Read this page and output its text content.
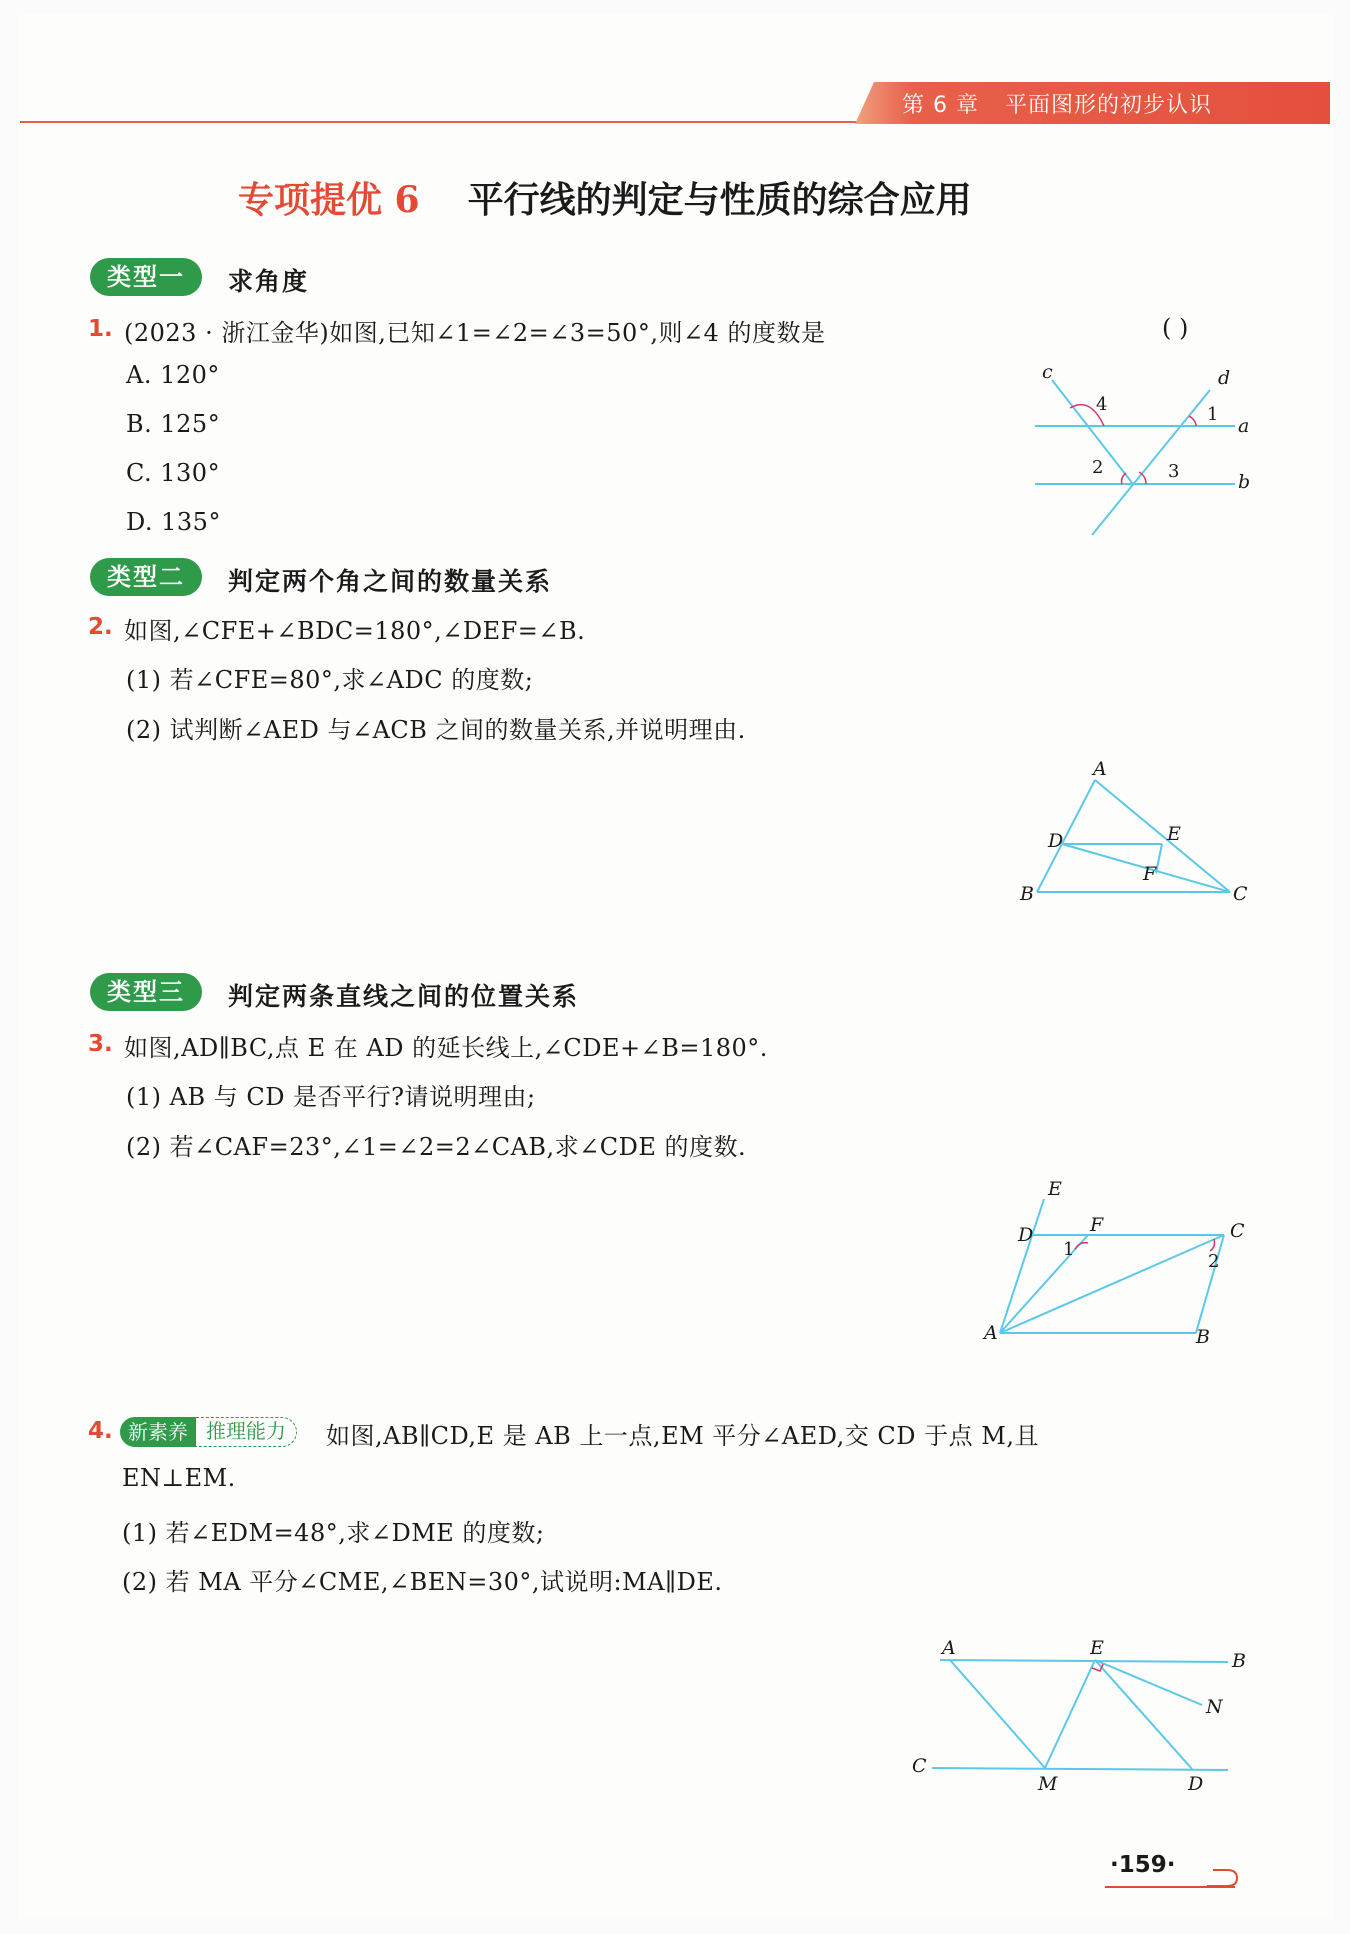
第 6 章 平面图形的初步认识
专项提优 6 平行线的判定与性质的综合应用
类型一	求角度
1. (2023 · 浙江金华)如图,已知∠1=∠2=∠3=50°,则∠4 的度数是	( )
A. 120°
B. 125°
C. 130°
D. 135°
c	d
a
b
4	1
2	3
类型二	判定两个角之间的数量关系
2. 如图,∠CFE+∠BDC=180°,∠DEF=∠B.
(1) 若∠CFE=80°,求∠ADC 的度数;
(2) 试判断∠AED 与∠ACB 之间的数量关系,并说明理由.
A
D	E
F
B	C
类型三	判定两条直线之间的位置关系
3. 如图,AD∥BC,点 E 在 AD 的延长线上,∠CDE+∠B=180°.
(1) AB 与 CD 是否平行?请说明理由;
(2) 若∠CAF=23°,∠1=∠2=2∠CAB,求∠CDE 的度数.
E
D	F	C
1
2
A	B
4. 新素养 推理能力	如图,AB∥CD,E 是 AB 上一点,EM 平分∠AED,交 CD 于点 M,且
EN⊥EM.
(1) 若∠EDM=48°,求∠DME 的度数;
(2) 若 MA 平分∠CME,∠BEN=30°,试说明:MA∥DE.
A	E
B
N
C
M	D
·159·
